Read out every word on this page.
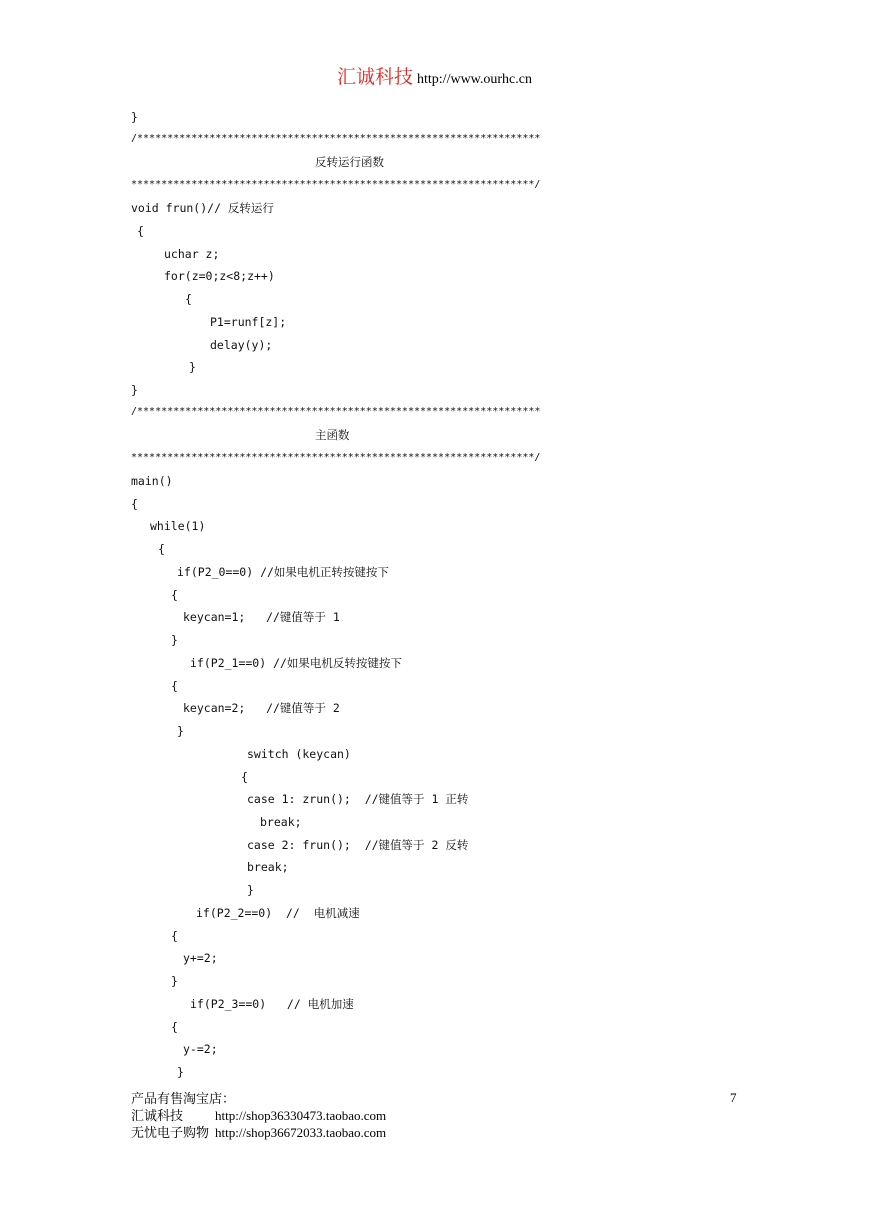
汇诚科技 http://www.ourhc.cn
}
/*******************************************************************
反转运行函数
*******************************************************************/
void frun()// 反转运行
{
uchar z;
for(z=0;z<8;z++)
{
P1=runf[z];
delay(y);
}
}
/*******************************************************************
主函数
*******************************************************************/
main()
{
while(1)
{
if(P2_0==0) //如果电机正转按键按下
{
keycan=1;   //键值等于 1
}
if(P2_1==0) //如果电机反转按键按下
{
keycan=2;   //键值等于 2
}
switch (keycan)
{
case 1: zrun();  //键值等于 1 正转
break;
case 2: frun();  //键值等于 2 反转
break;
}
if(P2_2==0)  //  电机减速
{
y+=2;
}
if(P2_3==0)   // 电机加速
{
y-=2;
}
产品有售淘宝店：
汇诚科技 http://shop36330473.taobao.com
无忧电子购物 http://shop36672033.taobao.com
7
